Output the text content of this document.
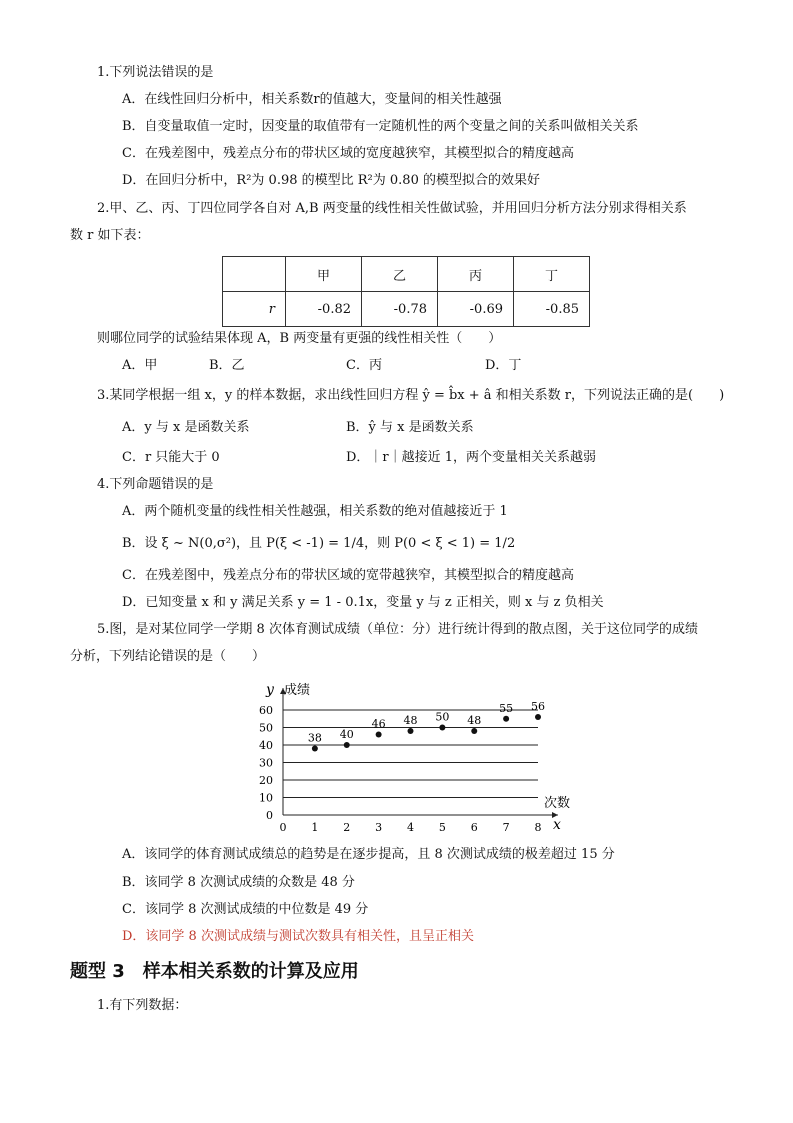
1.下列说法错误的是
A．在线性回归分析中，相关系数r的值越大，变量间的相关性越强
B．自变量取值一定时，因变量的取值带有一定随机性的两个变量之间的关系叫做相关关系
C．在残差图中，残差点分布的带状区域的宽度越狭窄，其模型拟合的精度越高
D．在回归分析中，R²为 0.98 的模型比 R²为 0.80 的模型拟合的效果好
2.甲、乙、丙、丁四位同学各自对 A,B 两变量的线性相关性做试验，并用回归分析方法分别求得相关系
数 r 如下表：
	甲	乙	丙	丁
r	-0.82	-0.78	-0.69	-0.85
则哪位同学的试验结果体现 A，B 两变量有更强的线性相关性（　　）
A．甲	B．乙	C．丙	D．丁
3.某同学根据一组 x，y 的样本数据，求出线性回归方程 ŷ = b̂x + â 和相关系数 r，下列说法正确的是(　　)
A．y 与 x 是函数关系	B．ŷ 与 x 是函数关系
C．r 只能大于 0	D．｜r｜越接近 1，两个变量相关关系越弱
4.下列命题错误的是
A．两个随机变量的线性相关性越强，相关系数的绝对值越接近于 1
B．设 ξ ~ N(0,σ²)，且 P(ξ < -1) = 1/4，则 P(0 < ξ < 1) = 1/2
C．在残差图中，残差点分布的带状区域的宽带越狭窄，其模型拟合的精度越高
D．已知变量 x 和 y 满足关系 y = 1 - 0.1x，变量 y 与 z 正相关，则 x 与 z 负相关
5.图，是对某位同学一学期 8 次体育测试成绩（单位：分）进行统计得到的散点图，关于这位同学的成绩
分析，下列结论错误的是（　　）
0
10
20
30
40
50
60
0 1 2 3 4 5 6 7 8
38 40
46 48 50 48
55 56
y 成绩
次数
x
A．该同学的体育测试成绩总的趋势是在逐步提高，且 8 次测试成绩的极差超过 15 分
B．该同学 8 次测试成绩的众数是 48 分
C．该同学 8 次测试成绩的中位数是 49 分
D．该同学 8 次测试成绩与测试次数具有相关性，且呈正相关
题型 3　样本相关系数的计算及应用
1.有下列数据：
